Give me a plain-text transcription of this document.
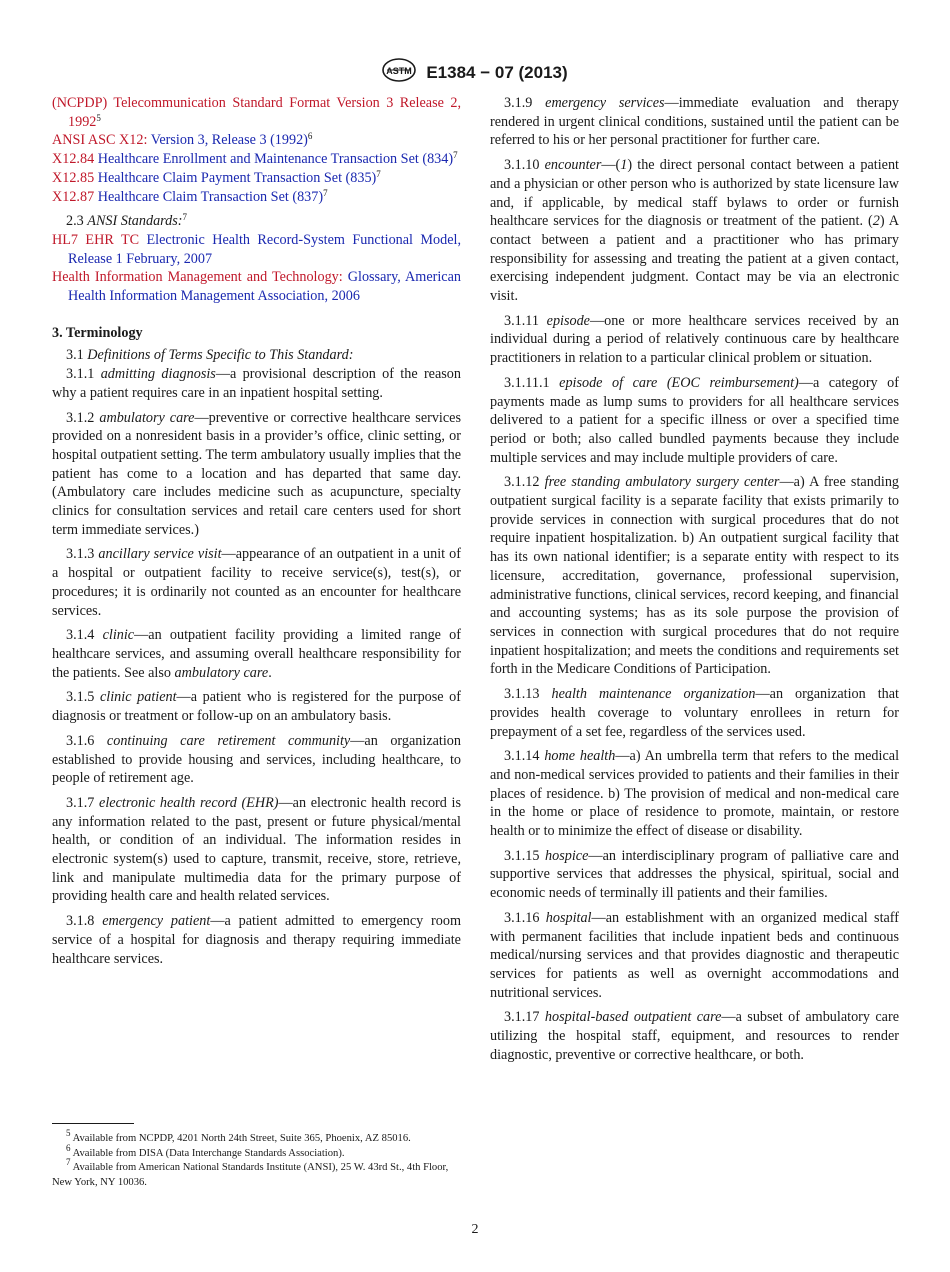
ASTM E1384 − 07 (2013)

(NCPDP) Telecommunication Standard Format Version 3 Release 2, 1992$^5$

ANSI ASC X12: Version 3, Release 3 $(1992)^6$

X12.84 Healthcare Enrollment and Maintenance Transaction Set $(834)^7$

X12.85 Healthcare Claim Payment Transaction Set $(835)^7$

X12.87 Healthcare Claim Transaction Set $(837)^7$

2.3 ANSI Standards:$^7$

HL7 EHR TC Electronic Health Record-System Functional Model, Release 1 February, 2007

Health Information Management and Technology: Glossary, American Health Information Management Association, 2006

3. Terminology

3.1 Definitions of Terms Specific to This Standard:

3.1.1 admitting diagnosis—a provisional description of the reason why a patient requires care in an inpatient hospital setting.

3.1.2 ambulatory care—preventive or corrective healthcare services provided on a nonresident basis in a provider’s office, clinic setting, or hospital outpatient setting. The term ambulatory usually implies that the patient has come to a location and has departed that same day. (Ambulatory care includes medicine such as acupuncture, specialty clinics for consultation services and retail care centers used for short term immediate services.)

3.1.3 ancillary service visit—appearance of an outpatient in a unit of a hospital or outpatient facility to receive service(s), test(s), or procedures; it is ordinarily not counted as an encounter for healthcare services.

3.1.4 clinic—an outpatient facility providing a limited range of healthcare services, and assuming overall healthcare responsibility for the patients. See also ambulatory care.

3.1.5 clinic patient—a patient who is registered for the purpose of diagnosis or treatment or follow-up on an ambulatory basis.

3.1.6 continuing care retirement community—an organization established to provide housing and services, including healthcare, to people of retirement age.

3.1.7 electronic health record (EHR)—an electronic health record is any information related to the past, present or future physical/mental health, or condition of an individual. The information resides in electronic system(s) used to capture, transmit, receive, store, retrieve, link and manipulate multimedia data for the primary purpose of providing health care and health related services.

3.1.8 emergency patient—a patient admitted to emergency room service of a hospital for diagnosis and therapy requiring immediate healthcare services.

3.1.9 emergency services—immediate evaluation and therapy rendered in urgent clinical conditions, sustained until the patient can be referred to his or her personal practitioner for further care.

3.1.10 encounter—(1) the direct personal contact between a patient and a physician or other person who is authorized by state licensure law and, if applicable, by medical staff bylaws to order or furnish healthcare services for the diagnosis or treatment of the patient. (2) A contact between a patient and a practitioner who has primary responsibility for assessing and treating the patient at a given contact, exercising independent judgment. Contact may be via an electronic visit.

3.1.11 episode—one or more healthcare services received by an individual during a period of relatively continuous care by healthcare practitioners in relation to a particular clinical problem or situation.

3.1.11.1 episode of care (EOC reimbursement)—a category of payments made as lump sums to providers for all healthcare services delivered to a patient for a specific illness or over a specified time period or both; also called bundled payments because they include multiple services and may include multiple providers of care.

3.1.12 free standing ambulatory surgery center—a) A free standing outpatient surgical facility is a separate facility that exists primarily to provide services in connection with surgical procedures that do not require inpatient hospitalization. b) An outpatient surgical facility that has its own national identifier; is a separate entity with respect to its licensure, accreditation, governance, professional supervision, administrative functions, clinical services, record keeping, and financial and accounting systems; has as its sole purpose the provision of services in connection with surgical procedures that do not require inpatient hospitalization; and meets the conditions and requirements set forth in the Medicare Conditions of Participation.

3.1.13 health maintenance organization—an organization that provides health coverage to voluntary enrollees in return for prepayment of a set fee, regardless of the services used.

3.1.14 home health—a) An umbrella term that refers to the medical and non-medical services provided to patients and their families in their places of residence. b) The provision of medical and non-medical care in the home or place of residence to promote, maintain, or restore health or to minimize the effect of disease or disability.

3.1.15 hospice—an interdisciplinary program of palliative care and supportive services that addresses the physical, spiritual, social and economic needs of terminally ill patients and their families.

3.1.16 hospital—an establishment with an organized medical staff with permanent facilities that include inpatient beds and continuous medical/nursing services and that provides diagnostic and therapeutic services for patients as well as overnight accommodations and nutritional services.

3.1.17 hospital-based outpatient care—a subset of ambulatory care utilizing the hospital staff, equipment, and resources to render diagnostic, preventive or corrective healthcare, or both.

$^5$ Available from NCPDP, 4201 North 24th Street, Suite 365, Phoenix, AZ 85016.
$^6$ Available from DISA (Data Interchange Standards Association).
$^7$ Available from American National Standards Institute (ANSI), 25 W. 43rd St., 4th Floor, New York, NY 10036.
2
